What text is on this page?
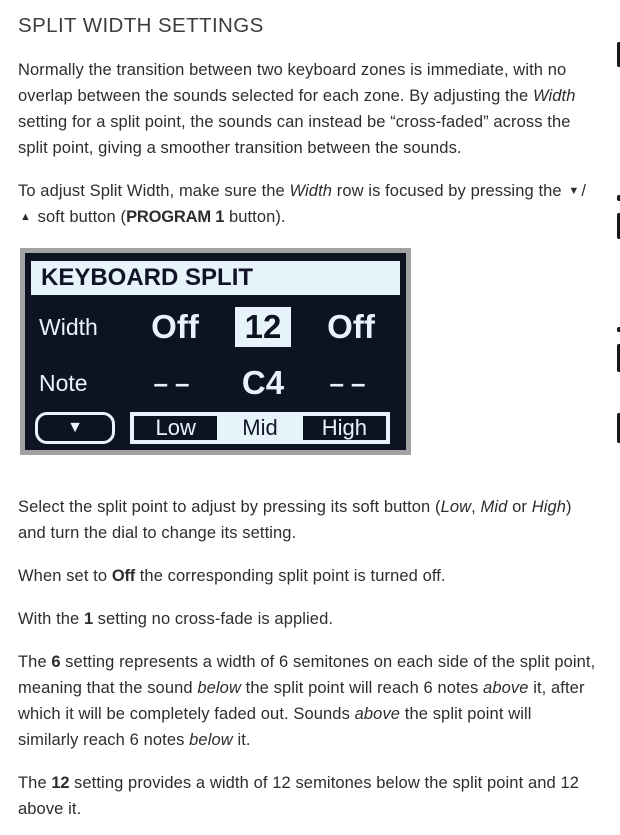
SPLIT WIDTH SETTINGS

Normally the transition between two keyboard zones is immediate, with no overlap between the sounds selected for each zone. By adjusting the Width setting for a split point, the sounds can instead be “cross-faded” across the split point, giving a smoother transition between the sounds.

To adjust Split Width, make sure the Width row is focused by pressing the ▼ /▲ soft button (PROGRAM 1 button).

KEYBOARD SPLIT
Width	Off	12	Off
Note	–– C4 ––
▼	Low	Mid	High

Select the split point to adjust by pressing its soft button (Low, Mid or High) and turn the dial to change its setting.

When set to Off the corresponding split point is turned off.

With the 1 setting no cross-fade is applied.

The 6 setting represents a width of 6 semitones on each side of the split point, meaning that the sound below the split point will reach 6 notes above it, after which it will be completely faded out. Sounds above the split point will similarly reach 6 notes below it.

The 12 setting provides a width of 12 semitones below the split point and 12 above it.
